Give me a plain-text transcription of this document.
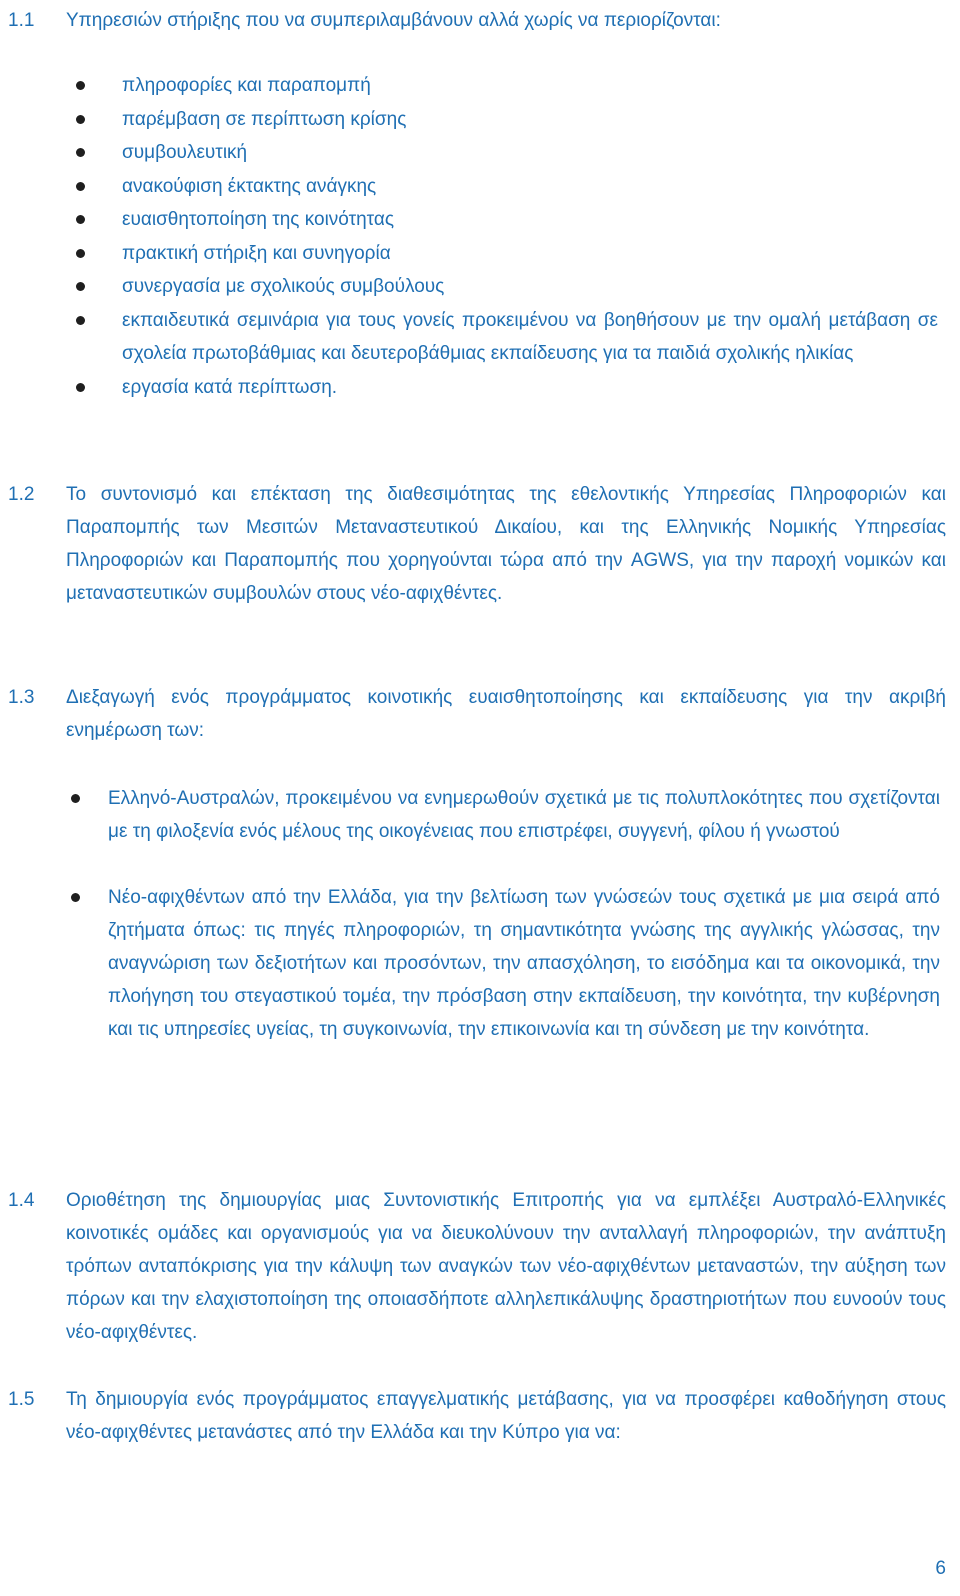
1.1	Υπηρεσιών στήριξης που να συμπεριλαμβάνουν αλλά χωρίς να περιορίζονται:
πληροφορίες και παραπομπή
παρέμβαση σε περίπτωση κρίσης
συμβουλευτική
ανακούφιση έκτακτης ανάγκης
ευαισθητοποίηση της κοινότητας
πρακτική στήριξη και συνηγορία
συνεργασία με σχολικούς συμβούλους
εκπαιδευτικά σεμινάρια για τους γονείς προκειμένου να βοηθήσουν με την ομαλή μετάβαση σε σχολεία πρωτοβάθμιας και δευτεροβάθμιας εκπαίδευσης για τα παιδιά σχολικής ηλικίας
εργασία κατά περίπτωση.
1.2	Το συντονισμό και επέκταση της διαθεσιμότητας της εθελοντικής Υπηρεσίας Πληροφοριών και Παραπομπής των Μεσιτών Μεταναστευτικού Δικαίου, και της Ελληνικής Νομικής Υπηρεσίας Πληροφοριών και Παραπομπής που χορηγούνται τώρα από την AGWS, για την παροχή νομικών και μεταναστευτικών συμβουλών στους νέο-αφιχθέντες.
1.3	Διεξαγωγή ενός προγράμματος κοινοτικής ευαισθητοποίησης και εκπαίδευσης για την ακριβή ενημέρωση των:
Ελληνό-Αυστραλών, προκειμένου να ενημερωθούν σχετικά με τις πολυπλοκότητες που σχετίζονται με τη φιλοξενία ενός μέλους της οικογένειας που επιστρέφει, συγγενή, φίλου ή γνωστού
Νέο-αφιχθέντων από την Ελλάδα, για την βελτίωση των γνώσεών τους σχετικά με μια σειρά από ζητήματα όπως: τις πηγές πληροφοριών, τη σημαντικότητα γνώσης της αγγλικής γλώσσας, την αναγνώριση των δεξιοτήτων και προσόντων, την απασχόληση, το εισόδημα και τα οικονομικά, την πλοήγηση του στεγαστικού τομέα, την πρόσβαση στην εκπαίδευση, την κοινότητα, την κυβέρνηση και τις υπηρεσίες υγείας, τη συγκοινωνία, την επικοινωνία και τη σύνδεση με την κοινότητα.
1.4	Οριοθέτηση της δημιουργίας μιας Συντονιστικής Επιτροπής για να εμπλέξει Αυστραλό-Ελληνικές κοινοτικές ομάδες και οργανισμούς για να διευκολύνουν την ανταλλαγή πληροφοριών, την ανάπτυξη τρόπων ανταπόκρισης για την κάλυψη των αναγκών των νέο-αφιχθέντων μεταναστών, την αύξηση των πόρων και την ελαχιστοποίηση της οποιασδήποτε αλληλεπικάλυψης δραστηριοτήτων που ευνοούν τους νέο-αφιχθέντες.
1.5	Τη δημιουργία ενός προγράμματος επαγγελματικής μετάβασης, για να προσφέρει καθοδήγηση στους νέο-αφιχθέντες μετανάστες από την Ελλάδα και την Κύπρο για να:
6
